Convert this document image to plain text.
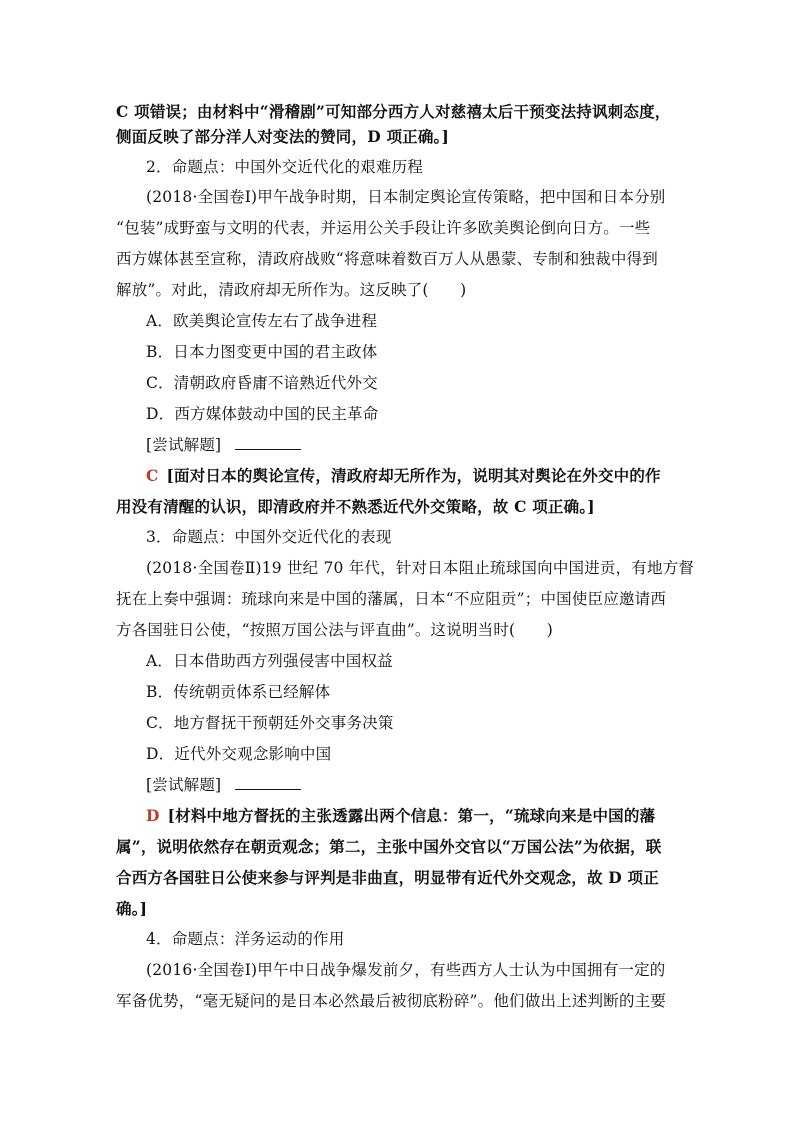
C 项错误；由材料中“滑稽剧”可知部分西方人对慈禧太后干预变法持讽刺态度，
侧面反映了部分洋人对变法的赞同，D 项正确。]
2．命题点：中国外交近代化的艰难历程
(2018·全国卷Ⅰ)甲午战争时期，日本制定舆论宣传策略，把中国和日本分别
“包装”成野蛮与文明的代表，并运用公关手段让许多欧美舆论倒向日方。一些
西方媒体甚至宣称，清政府战败“将意味着数百万人从愚蒙、专制和独裁中得到
解放”。对此，清政府却无所作为。这反映了(　　)
A．欧美舆论宣传左右了战争进程
B．日本力图变更中国的君主政体
C．清朝政府昏庸不谙熟近代外交
D．西方媒体鼓动中国的民主革命
[尝试解题]
C [面对日本的舆论宣传，清政府却无所作为，说明其对舆论在外交中的作
用没有清醒的认识，即清政府并不熟悉近代外交策略，故 C 项正确。]
3．命题点：中国外交近代化的表现
(2018·全国卷Ⅱ)19 世纪 70 年代，针对日本阻止琉球国向中国进贡，有地方督
抚在上奏中强调：琉球向来是中国的藩属，日本“不应阻贡”；中国使臣应邀请西
方各国驻日公使，“按照万国公法与评直曲”。这说明当时(　　)
A．日本借助西方列强侵害中国权益
B．传统朝贡体系已经解体
C．地方督抚干预朝廷外交事务决策
D．近代外交观念影响中国
[尝试解题]
D [材料中地方督抚的主张透露出两个信息：第一，“琉球向来是中国的藩
属”，说明依然存在朝贡观念；第二，主张中国外交官以“万国公法”为依据，联
合西方各国驻日公使来参与评判是非曲直，明显带有近代外交观念，故 D 项正
确。]
4．命题点：洋务运动的作用
(2016·全国卷Ⅰ)甲午中日战争爆发前夕，有些西方人士认为中国拥有一定的
军备优势，“毫无疑问的是日本必然最后被彻底粉碎”。他们做出上述判断的主要
